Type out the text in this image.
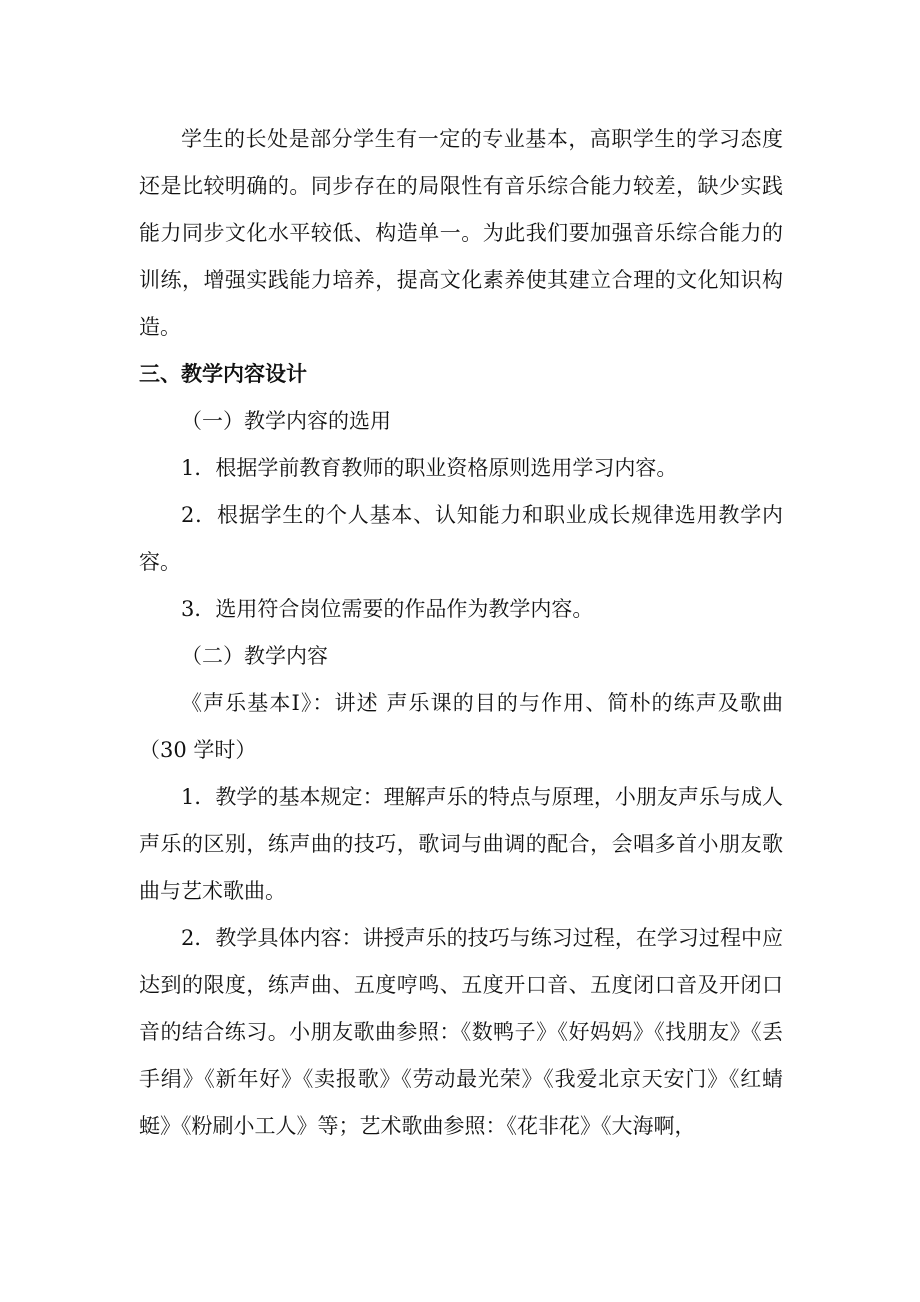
学生的长处是部分学生有一定的专业基本，高职学生的学习态度还是比较明确的。同步存在的局限性有音乐综合能力较差，缺少实践能力同步文化水平较低、构造单一。为此我们要加强音乐综合能力的训练，增强实践能力培养，提高文化素养使其建立合理的文化知识构造。

三、教学内容设计

（一）教学内容的选用

1．根据学前教育教师的职业资格原则选用学习内容。

2．根据学生的个人基本、认知能力和职业成长规律选用教学内容。

3．选用符合岗位需要的作品作为教学内容。

（二）教学内容

《声乐基本Ⅰ》：讲述 声乐课的目的与作用、简朴的练声及歌曲（30 学时）

1．教学的基本规定：理解声乐的特点与原理，小朋友声乐与成人声乐的区别，练声曲的技巧，歌词与曲调的配合，会唱多首小朋友歌曲与艺术歌曲。

2．教学具体内容：讲授声乐的技巧与练习过程，在学习过程中应达到的限度，练声曲、五度哼鸣、五度开口音、五度闭口音及开闭口音的结合练习。小朋友歌曲参照：《数鸭子》《好妈妈》《找朋友》《丢手绢》《新年好》《卖报歌》《劳动最光荣》《我爱北京天安门》《红蜻蜓》《粉刷小工人》等；艺术歌曲参照：《花非花》《大海啊，
